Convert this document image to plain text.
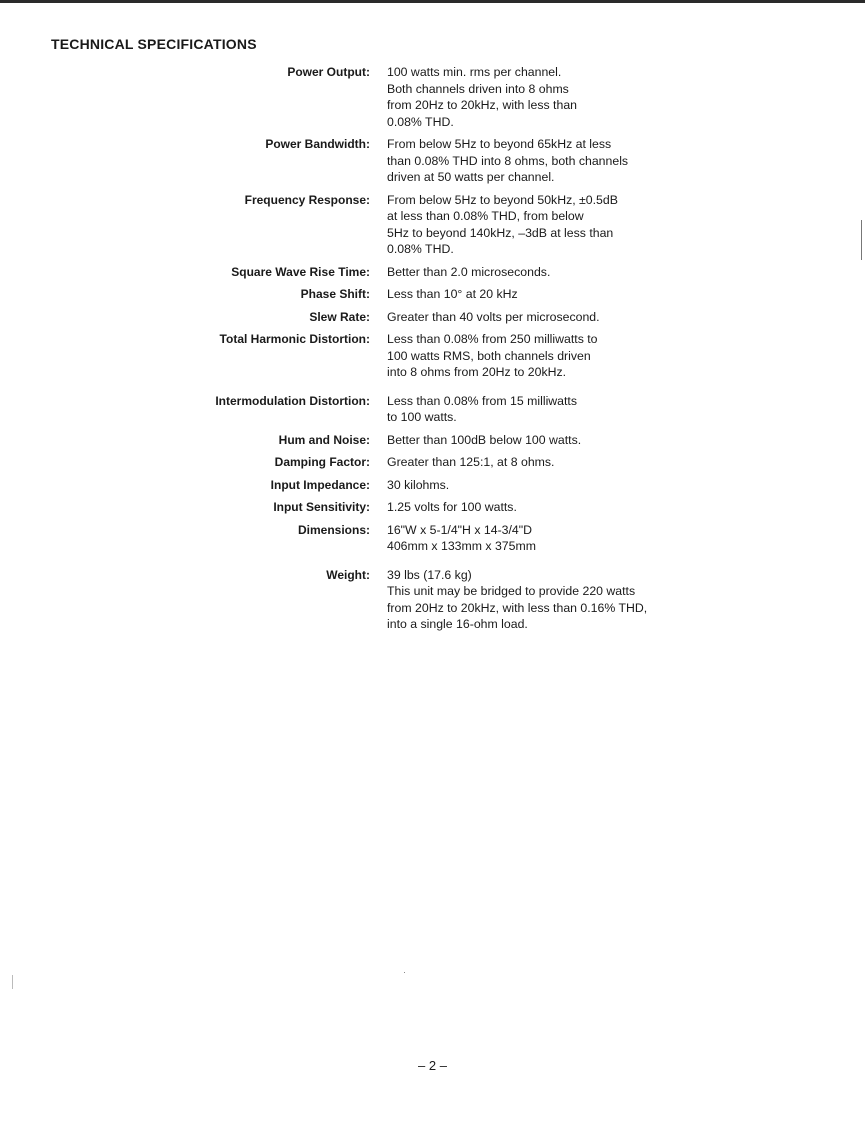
TECHNICAL SPECIFICATIONS
Power Output: 100 watts min. rms per channel.
Both channels driven into 8 ohms
from 20Hz to 20kHz, with less than
0.08% THD.
Power Bandwidth: From below 5Hz to beyond 65kHz at less
than 0.08% THD into 8 ohms, both channels
driven at 50 watts per channel.
Frequency Response: From below 5Hz to beyond 50kHz, ±0.5dB
at less than 0.08% THD, from below
5Hz to beyond 140kHz, –3dB at less than
0.08% THD.
Square Wave Rise Time: Better than 2.0 microseconds.
Phase Shift: Less than 10° at 20 kHz
Slew Rate: Greater than 40 volts per microsecond.
Total Harmonic Distortion: Less than 0.08% from 250 milliwatts to
100 watts RMS, both channels driven
into 8 ohms from 20Hz to 20kHz.
Intermodulation Distortion: Less than 0.08% from 15 milliwatts
to 100 watts.
Hum and Noise: Better than 100dB below 100 watts.
Damping Factor: Greater than 125:1, at 8 ohms.
Input Impedance: 30 kilohms.
Input Sensitivity: 1.25 volts for 100 watts.
Dimensions: 16"W x 5-1/4"H x 14-3/4"D
406mm x 133mm x 375mm
Weight: 39 lbs (17.6 kg)
This unit may be bridged to provide 220 watts
from 20Hz to 20kHz, with less than 0.16% THD,
into a single 16-ohm load.
– 2 –
